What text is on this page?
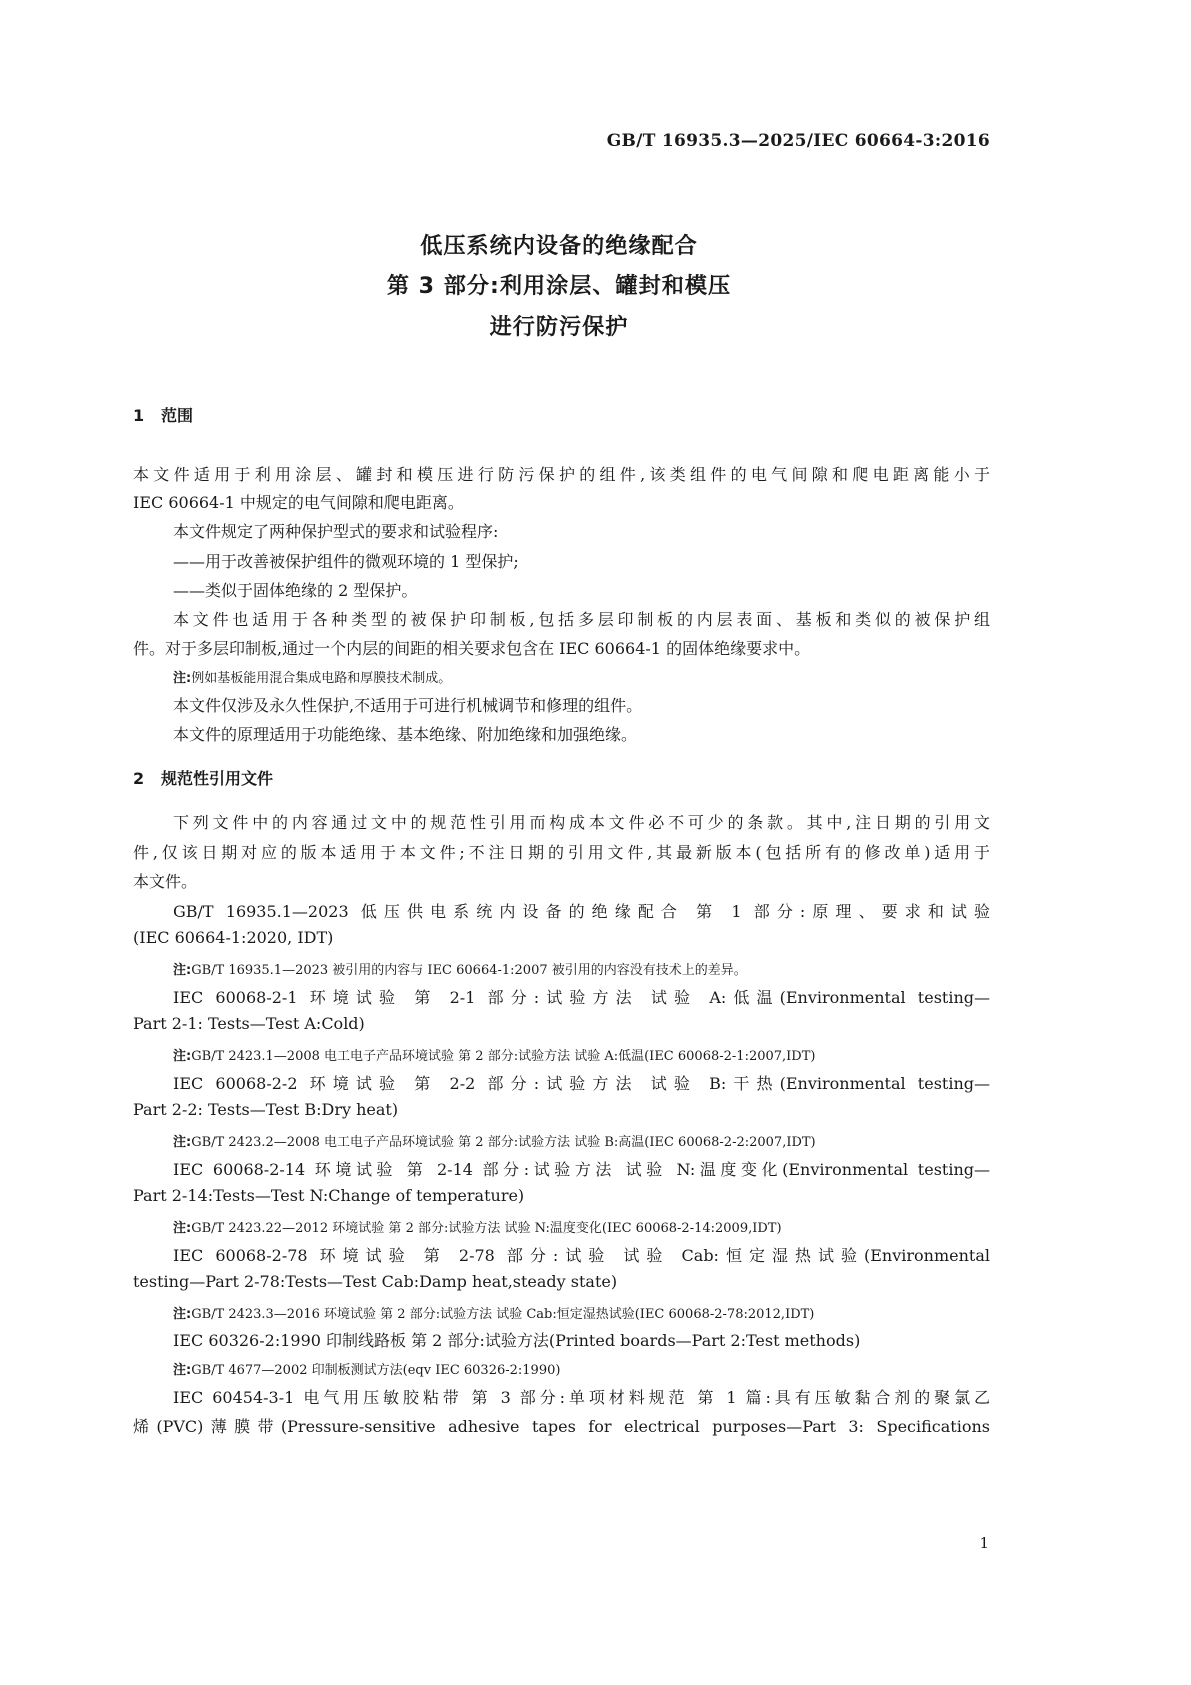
GB/T 16935.3—2025/IEC 60664-3:2016
低压系统内设备的绝缘配合
第 3 部分:利用涂层、罐封和模压
进行防污保护
1 范围
本文件适用于利用涂层、罐封和模压进行防污保护的组件,该类组件的电气间隙和爬电距离能小于
IEC 60664-1 中规定的电气间隙和爬电距离。
本文件规定了两种保护型式的要求和试验程序:
——用于改善被保护组件的微观环境的 1 型保护;
——类似于固体绝缘的 2 型保护。
本文件也适用于各种类型的被保护印制板,包括多层印制板的内层表面、基板和类似的被保护组
件。对于多层印制板,通过一个内层的间距的相关要求包含在 IEC 60664-1 的固体绝缘要求中。
注:例如基板能用混合集成电路和厚膜技术制成。
本文件仅涉及永久性保护,不适用于可进行机械调节和修理的组件。
本文件的原理适用于功能绝缘、基本绝缘、附加绝缘和加强绝缘。
2 规范性引用文件
下列文件中的内容通过文中的规范性引用而构成本文件必不可少的条款。其中,注日期的引用文
件,仅该日期对应的版本适用于本文件;不注日期的引用文件,其最新版本(包括所有的修改单)适用于
本文件。
GB/T 16935.1—2023 低压供电系统内设备的绝缘配合 第 1 部分:原理、要求和试验
(IEC 60664-1:2020, IDT)
注:GB/T 16935.1—2023 被引用的内容与 IEC 60664-1:2007 被引用的内容没有技术上的差异。
IEC 60068-2-1 环境试验 第 2-1 部分:试验方法 试验 A:低温(Environmental testing—
Part 2-1: Tests—Test A:Cold)
注:GB/T 2423.1—2008 电工电子产品环境试验 第 2 部分:试验方法 试验 A:低温(IEC 60068-2-1:2007,IDT)
IEC 60068-2-2 环境试验 第 2-2 部分:试验方法 试验 B:干热(Environmental testing—
Part 2-2: Tests—Test B:Dry heat)
注:GB/T 2423.2—2008 电工电子产品环境试验 第 2 部分:试验方法 试验 B:高温(IEC 60068-2-2:2007,IDT)
IEC 60068-2-14 环境试验 第 2-14 部分:试验方法 试验 N:温度变化(Environmental testing—
Part 2-14:Tests—Test N:Change of temperature)
注:GB/T 2423.22—2012 环境试验 第 2 部分:试验方法 试验 N:温度变化(IEC 60068-2-14:2009,IDT)
IEC 60068-2-78 环境试验 第 2-78 部分:试验 试验 Cab:恒定湿热试验(Environmental
testing—Part 2-78:Tests—Test Cab:Damp heat,steady state)
注:GB/T 2423.3—2016 环境试验 第 2 部分:试验方法 试验 Cab:恒定湿热试验(IEC 60068-2-78:2012,IDT)
IEC 60326-2:1990 印制线路板 第 2 部分:试验方法(Printed boards—Part 2:Test methods)
注:GB/T 4677—2002 印制板测试方法(eqv IEC 60326-2:1990)
IEC 60454-3-1 电气用压敏胶粘带 第 3 部分:单项材料规范 第 1 篇:具有压敏黏合剂的聚氯乙
烯(PVC)薄膜带(Pressure-sensitive adhesive tapes for electrical purposes—Part 3: Specifications
1
